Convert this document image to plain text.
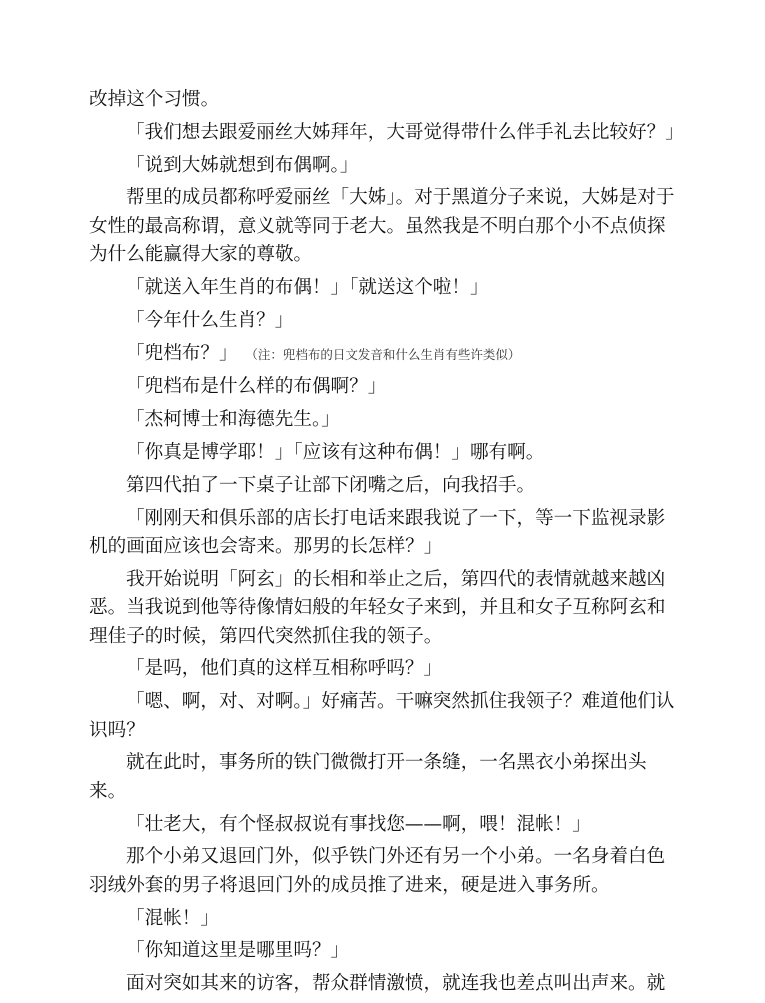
改掉这个习惯。

「我们想去跟爱丽丝大姊拜年，大哥觉得带什么伴手礼去比较好？」

「说到大姊就想到布偶啊。」

帮里的成员都称呼爱丽丝「大姊」。对于黑道分子来说，大姊是对于女性的最高称谓，意义就等同于老大。虽然我是不明白那个小不点侦探为什么能赢得大家的尊敬。

「就送入年生肖的布偶！」「就送这个啦！」

「今年什么生肖？」

「兜档布？」 （注：兜档布的日文发音和什么生肖有些许类似）

「兜档布是什么样的布偶啊？」

「杰柯博士和海德先生。」

「你真是博学耶！」「应该有这种布偶！」哪有啊。

第四代拍了一下桌子让部下闭嘴之后，向我招手。

「刚刚天和俱乐部的店长打电话来跟我说了一下，等一下监视录影机的画面应该也会寄来。那男的长怎样？」

我开始说明「阿玄」的长相和举止之后，第四代的表情就越来越凶恶。当我说到他等待像情妇般的年轻女子来到，并且和女子互称阿玄和理佳子的时候，第四代突然抓住我的领子。

「是吗，他们真的这样互相称呼吗？」

「嗯、啊，对、对啊。」好痛苦。干嘛突然抓住我领子？难道他们认识吗？

就在此时，事务所的铁门微微打开一条缝，一名黑衣小弟探出头来。

「壮老大，有个怪叔叔说有事找您——啊，喂！混帐！」

那个小弟又退回门外，似乎铁门外还有另一个小弟。一名身着白色羽绒外套的男子将退回门外的成员推了进来，硬是进入事务所。

「混帐！」

「你知道这里是哪里吗？」

面对突如其来的访客，帮众群情激愤，就连我也差点叫出声来。就
